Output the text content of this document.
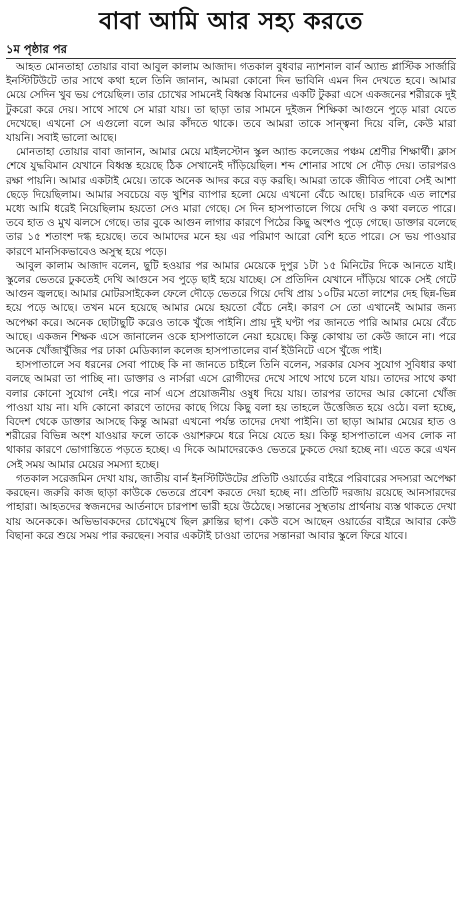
বাবা আমি আর সহ্য করতে
১ম পৃষ্ঠার পর

আহত মোনতাহা তোয়ার বাবা আবুল কালাম আজাদ। গতকাল বুধবার ন্যাশনাল বার্ন অ্যান্ড প্লাস্টিক সার্জারি ইনস্টিটিউটে তার সাথে কথা হলে তিনি জানান, আমরা কোনো দিন ভাবিনি এমন দিন দেখতে হবে। আমার মেয়ে সেদিন খুব ভয় পেয়েছিল। তার চোখের সামনেই বিধ্বস্ত বিমানের একটি টুকরা এসে একজনের শরীরকে দুই টুকরো করে দেয়। সাথে সাথে সে মারা যায়। তা ছাড়া তার সামনে দুইজন শিক্ষিকা আগুনে পুড়ে মারা যেতে দেখেছে। এখনো সে এগুলো বলে আর কাঁদতে থাকে। তবে আমরা তাকে সান্ত্বনা দিয়ে বলি, কেউ মারা যায়নি। সবাই ভালো আছে।

মোনতাহা তোয়ার বাবা জানান, আমার মেয়ে মাইলস্টোন স্কুল অ্যান্ড কলেজের পঞ্চম শ্রেণীর শিক্ষার্থী। ক্লাস শেষে যুদ্ধবিমান যেখানে বিধ্বস্ত হয়েছে ঠিক সেখানেই দাঁড়িয়েছিল। শব্দ শোনার সাথে সে দৌড় দেয়। তারপরও রক্ষা পায়নি। আমার একটাই মেয়ে। তাকে অনেক আদর করে বড় করছি। আমরা তাকে জীবিত পাবো সেই আশা ছেড়ে দিয়েছিলাম। আমার সবচেয়ে বড় খুশির ব্যাপার হলো মেয়ে এখনো বেঁচে আছে। চারদিকে এত লাশের মধ্যে আমি ধরেই নিয়েছিলাম হয়তো সেও মারা গেছে। সে দিন হাসপাতালে গিয়ে দেখি ও কথা বলতে পারে। তবে হাত ও মুখ ঝলসে গেছে। তার বুকে আগুন লাগার কারণে পিঠের কিছু অংশও পুড়ে গেছে। ডাক্তার বলেছে তার ১৫ শতাংশ দগ্ধ হয়েছে। তবে আমাদের মনে হয় এর পরিমাণ আরো বেশি হতে পারে। সে ভয় পাওয়ার কারণে মানসিকভাবেও অসুস্থ হয়ে পড়ে।

আবুল কালাম আজাদ বলেন, ছুটি হওয়ার পর আমার মেয়েকে দুপুর ১টা ১৫ মিনিটের দিকে আনতে যাই। স্কুলের ভেতরে ঢুকতেই দেখি আগুনে সব পুড়ে ছাই হয়ে যাচ্ছে। সে প্রতিদিন যেখানে দাঁড়িয়ে থাকে সেই গেটে আগুন জ্বলছে। আমার মোটরসাইকেল ফেলে দৌড়ে ভেতরে গিয়ে দেখি প্রায় ১০টির মতো লাশের দেহ ছিন্ন-ভিন্ন হয়ে পড়ে আছে। তখন মনে হয়েছে আমার মেয়ে হয়তো বেঁচে নেই। কারণ সে তো এখানেই আমার জন্য অপেক্ষা করে। অনেক ছোটাছুটি করেও তাকে খুঁজে পাইনি। প্রায় দুই ঘণ্টা পর জানতে পারি আমার মেয়ে বেঁচে আছে। একজন শিক্ষক এসে জানালেন ওকে হাসপাতালে নেয়া হয়েছে। কিন্তু কোথায় তা কেউ জানে না। পরে অনেক খোঁজাখুঁজির পর ঢাকা মেডিক্যাল কলেজ হাসপাতালের বার্ন ইউনিটে এসে খুঁজে পাই।

হাসপাতালে সব ধরনের সেবা পাচ্ছে কি না জানতে চাইলে তিনি বলেন, সরকার যেসব সুযোগ সুবিধার কথা বলছে আমরা তা পাচ্ছি না। ডাক্তার ও নার্সরা এসে রোগীদের দেখে সাথে সাথে চলে যায়। তাদের সাথে কথা বলার কোনো সুযোগ নেই। পরে নার্স এসে প্রয়োজনীয় ওষুধ দিয়ে যায়। তারপর তাদের আর কোনো খোঁজ পাওয়া যায় না। যদি কোনো কারণে তাদের কাছে গিয়ে কিছু বলা হয় তাহলে উত্তেজিত হয়ে ওঠে। বলা হচ্ছে, বিদেশ থেকে ডাক্তার আসছে কিন্তু আমরা এখনো পর্যন্ত তাদের দেখা পাইনি। তা ছাড়া আমার মেয়ের হাত ও শরীরের বিভিন্ন অংশ যাওয়ার ফলে তাকে ওয়াশরুমে ধরে নিয়ে যেতে হয়। কিন্তু হাসপাতালে এসব লোক না থাকার কারণে ভোগান্তিতে পড়তে হচ্ছে। এ দিকে আমাদেরকেও ভেতরে ঢুকতে দেয়া হচ্ছে না। এতে করে এখন সেই সময় আমার মেয়ের সমস্যা হচ্ছে।

গতকাল সরেজমিন দেখা যায়, জাতীয় বার্ন ইনস্টিটিউটের প্রতিটি ওয়ার্ডের বাইরে পরিবারের সদস্যরা অপেক্ষা করছেন। জরুরি কাজ ছাড়া কাউকে ভেতরে প্রবেশ করতে দেয়া হচ্ছে না। প্রতিটি দরজায় রয়েছে আনসারদের পাহারা। আহতদের স্বজনদের আর্তনাদে চারপাশ ভারী হয়ে উঠেছে। সন্তানের সুস্থতায় প্রার্থনায় ব্যস্ত থাকতে দেখা যায় অনেককে। অভিভাবকদের চোখেমুখে ছিল ক্লান্তির ছাপ। কেউ বসে আছেন ওয়ার্ডের বাইরে আবার কেউ বিছানা করে শুয়ে সময় পার করছেন। সবার একটাই চাওয়া তাদের সন্তানরা আবার স্কুলে ফিরে যাবে।
